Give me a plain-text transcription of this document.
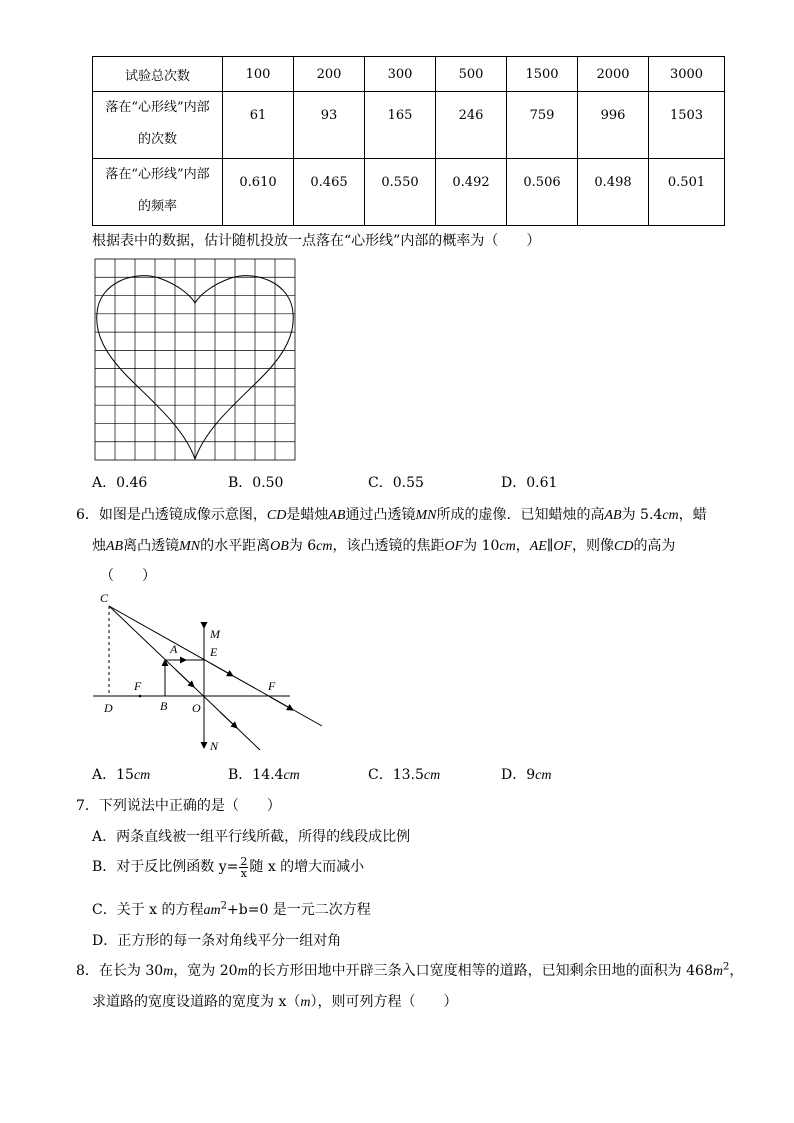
试验总次数	100	200	300	500	1500	2000	3000

落在“心形线”内部
的次数	61	93	165	246	759	996	1503

落在“心形线”内部
的频率	0.610	0.465	0.550	0.492	0.506	0.498	0.501
根据表中的数据，估计随机投放一点落在“心形线”内部的概率为（　　）
A．0.46	B．0.50	C．0.55	D．0.61
6．如图是凸透镜成像示意图，CD是蜡烛AB通过凸透镜MN所成的虚像．已知蜡烛的高AB为 5.4cm，蜡
烛AB离凸透镜MN的水平距离OB为 6cm，该凸透镜的焦距OF为 10cm，AE∥OF，则像CD的高为
（　　）
C
M
E
A
F	F
D	B O
N
A．15cm	B．14.4cm	C．13.5cm	D．9cm
7．下列说法中正确的是（　　）
A．两条直线被一组平行线所截，所得的线段成比例
B．对于反比例函数 $y= \frac{2}{x}$ 随 x 的增大而减小
C．关于 x 的方程$am^2+b=0$ 是一元二次方程
D．正方形的每一条对角线平分一组对角
8．在长为 30m，宽为 20m的长方形田地中开辟三条入口宽度相等的道路，已知剩余田地的面积为 $468m^2$，
求道路的宽度设道路的宽度为 x（m），则可列方程（　　）
